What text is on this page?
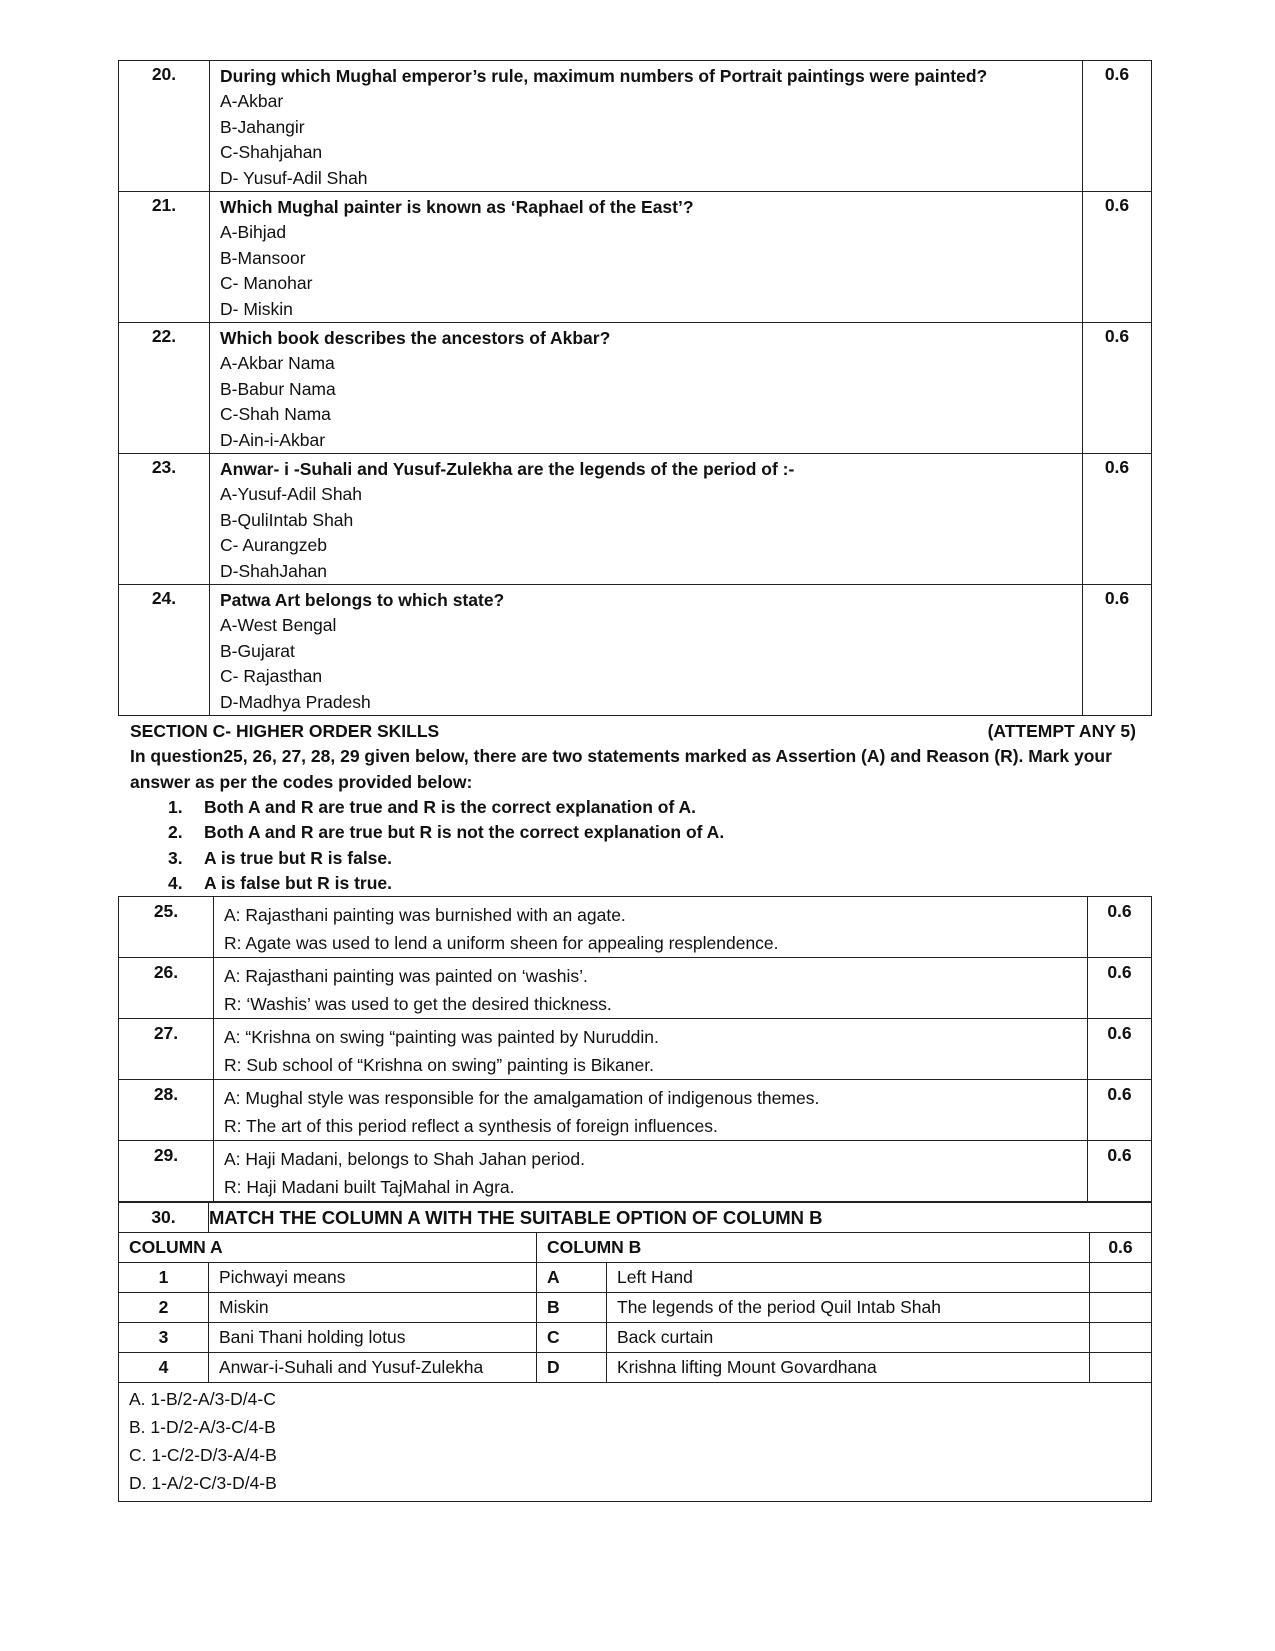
20.	During which Mughal emperor’s rule, maximum numbers of Portrait paintings were painted?
A-Akbar
B-Jahangir
C-Shahjahan
D- Yusuf-Adil Shah	0.6
21.	Which Mughal painter is known as ‘Raphael of the East’?
A-Bihjad
B-Mansoor
C- Manohar
D- Miskin	0.6
22.	Which book describes the ancestors of Akbar?
A-Akbar Nama
B-Babur Nama
C-Shah Nama
D-Ain-i-Akbar	0.6
23.	Anwar- i -Suhali and Yusuf-Zulekha are the legends of the period of :-
A-Yusuf-Adil Shah
B-QuliIntab Shah
C- Aurangzeb
D-ShahJahan	0.6
24.	Patwa Art belongs to which state?
A-West Bengal
B-Gujarat
C- Rajasthan
D-Madhya Pradesh	0.6
SECTION C- HIGHER ORDER SKILLS	(ATTEMPT ANY 5)
In question25, 26, 27, 28, 29 given below, there are two statements marked as Assertion (A) and Reason (R). Mark your answer as per the codes provided below:
1. Both A and R are true and R is the correct explanation of A.
2. Both A and R are true but R is not the correct explanation of A.
3. A is true but R is false.
4. A is false but R is true.
25.	A: Rajasthani painting was burnished with an agate.
R: Agate was used to lend a uniform sheen for appealing resplendence.	0.6
26.	A: Rajasthani painting was painted on ‘washis’.
R: ‘Washis’ was used to get the desired thickness.	0.6
27.	A: “Krishna on swing “painting was painted by Nuruddin.
R: Sub school of “Krishna on swing” painting is Bikaner.	0.6
28.	A: Mughal style was responsible for the amalgamation of indigenous themes.
R: The art of this period reflect a synthesis of foreign influences.	0.6
29.	A: Haji Madani, belongs to Shah Jahan period.
R: Haji Madani built TajMahal in Agra.	0.6
30.	MATCH THE COLUMN A WITH THE SUITABLE OPTION OF COLUMN B			
COLUMN A		COLUMN B		0.6
1	Pichwayi means	A	Left Hand	
2	Miskin	B	The legends of the period Quil Intab Shah	
3	Bani Thani holding lotus	C	Back curtain	
4	Anwar-i-Suhali and Yusuf-Zulekha	D	Krishna lifting Mount Govardhana	
A. 1-B/2-A/3-D/4-C
B. 1-D/2-A/3-C/4-B
C. 1-C/2-D/3-A/4-B
D. 1-A/2-C/3-D/4-B
